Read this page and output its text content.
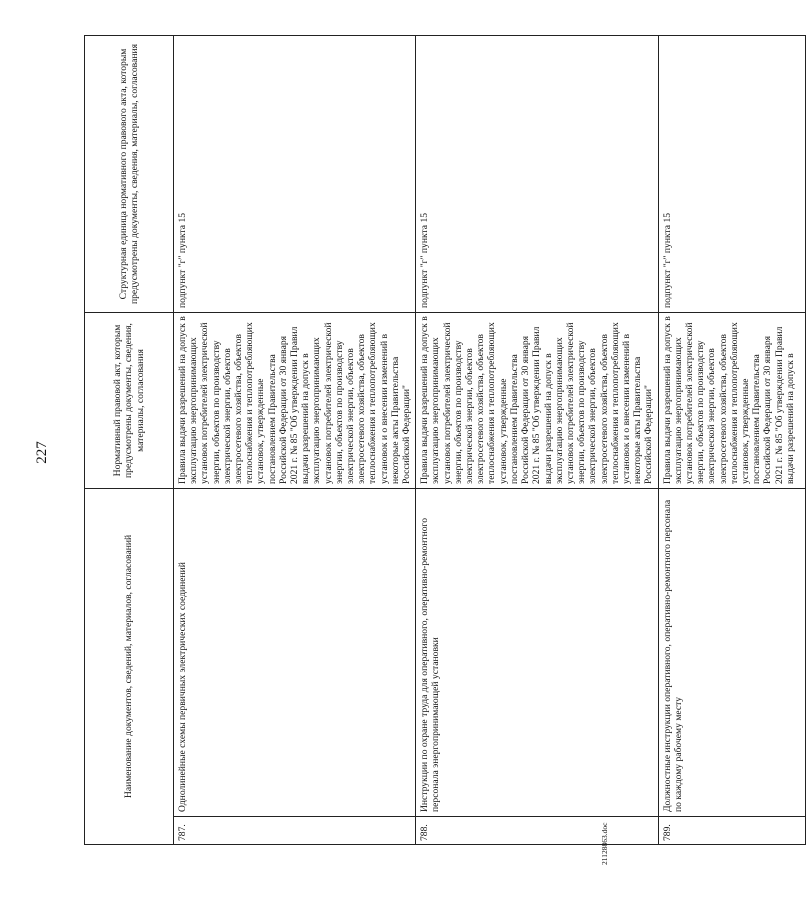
227
Наименование документов, сведений, материалов, согласований		Нормативный правовой акт, которым предусмотрены документы, сведения, материалы, согласования	Структурная единица нормативного правового акта, которым предусмотрены документы, сведения, материалы, согласования
787.	Однолинейные схемы первичных электрических соединений	Правила выдачи разрешений на допуск в эксплуатацию энергопринимающих установок потребителей электрической энергии, объектов по производству электрической энергии, объектов электросетевого хозяйства, объектов теплоснабжения и теплопотребляющих установок, утвержденные постановлением Правительства Российской Федерации от 30 января 2021 г. № 85 "Об утверждении Правил выдачи разрешений на допуск в эксплуатацию энергопринимающих установок потребителей электрической энергии, объектов по производству электрической энергии, объектов электросетевого хозяйства, объектов теплоснабжения и теплопотребляющих установок и о внесении изменений в некоторые акты Правительства Российской Федерации"	подпункт "г" пункта 15
788.	Инструкции по охране труда для оперативного, оперативно-ремонтного персонала энергопринимающей установки	Правила выдачи разрешений на допуск в эксплуатацию энергопринимающих установок потребителей электрической энергии, объектов по производству электрической энергии, объектов электросетевого хозяйства, объектов теплоснабжения и теплопотребляющих установок, утвержденные постановлением Правительства Российской Федерации от 30 января 2021 г. № 85 "Об утверждении Правил выдачи разрешений на допуск в эксплуатацию энергопринимающих установок потребителей электрической энергии, объектов по производству электрической энергии, объектов электросетевого хозяйства, объектов теплоснабжения и теплопотребляющих установок и о внесении изменений в некоторые акты Правительства Российской Федерации"	подпункт "г" пункта 15
789.	Должностные инструкции оперативного, оперативно-ремонтного персонала по каждому рабочему месту	Правила выдачи разрешений на допуск в эксплуатацию энергопринимающих установок потребителей электрической энергии, объектов по производству электрической энергии, объектов электросетевого хозяйства, объектов теплоснабжения и теплопотребляющих установок, утвержденные постановлением Правительства Российской Федерации от 30 января 2021 г. № 85 "Об утверждении Правил выдачи разрешений на допуск в	подпункт "г" пункта 15
21128863.doc
